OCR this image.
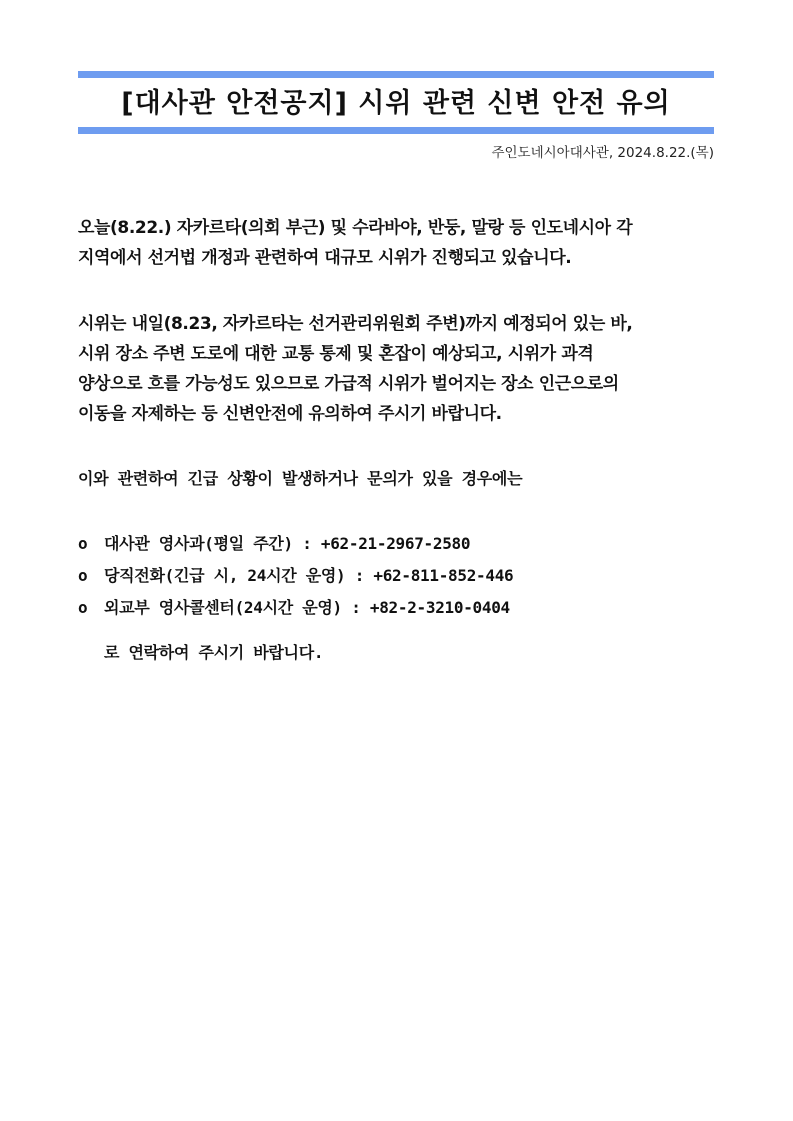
[대사관 안전공지] 시위 관련 신변 안전 유의
주인도네시아대사관, 2024.8.22.(목)
오늘(8.22.) 자카르타(의회 부근) 및 수라바야, 반둥, 말랑 등 인도네시아 각
지역에서 선거법 개정과 관련하여 대규모 시위가 진행되고 있습니다.
시위는 내일(8.23, 자카르타는 선거관리위원회 주변)까지 예정되어 있는 바,
시위 장소 주변 도로에 대한 교통 통제 및 혼잡이 예상되고, 시위가 과격
양상으로 흐를 가능성도 있으므로 가급적 시위가 벌어지는 장소 인근으로의
이동을 자제하는 등 신변안전에 유의하여 주시기 바랍니다.
이와 관련하여 긴급 상황이 발생하거나 문의가 있을 경우에는
o 대사관 영사과(평일 주간) : +62-21-2967-2580
o 당직전화(긴급 시, 24시간 운영) : +62-811-852-446
o 외교부 영사콜센터(24시간 운영) : +82-2-3210-0404
로 연락하여 주시기 바랍니다.
